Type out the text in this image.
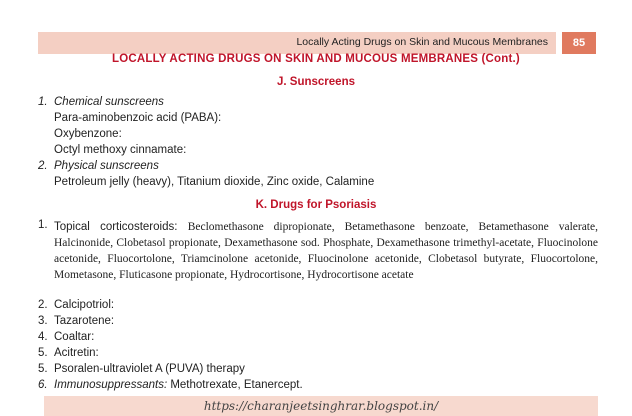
Locally Acting Drugs on Skin and Mucous Membranes	85
LOCALLY ACTING DRUGS ON SKIN AND MUCOUS MEMBRANES (Cont.)
J. Sunscreens
1. Chemical sunscreens
Para-aminobenzoic acid (PABA):
Oxybenzone:
Octyl methoxy cinnamate:
2. Physical sunscreens
Petroleum jelly (heavy), Titanium dioxide, Zinc oxide, Calamine
K. Drugs for Psoriasis
1. Topical corticosteroids: Beclomethasone dipropionate, Betamethasone benzoate, Betamethasone valerate, Halcinonide, Clobetasol propionate, Dexamethasone sod. Phosphate, Dexamethasone trimethyl-acetate, Fluocinolone acetonide, Fluocortolone, Triamcinolone acetonide, Fluocinolone acetonide, Clobetasol butyrate, Fluocortolone, Mometasone, Fluticasone propionate, Hydrocortisone, Hydrocortisone acetate
2. Calcipotriol:
3. Tazarotene:
4. Coaltar:
5. Acitretin:
5. Psoralen-ultraviolet A (PUVA) therapy
6. Immunosuppressants: Methotrexate, Etanercept.
https://charanjeetsinghrar.blogspot.in/
